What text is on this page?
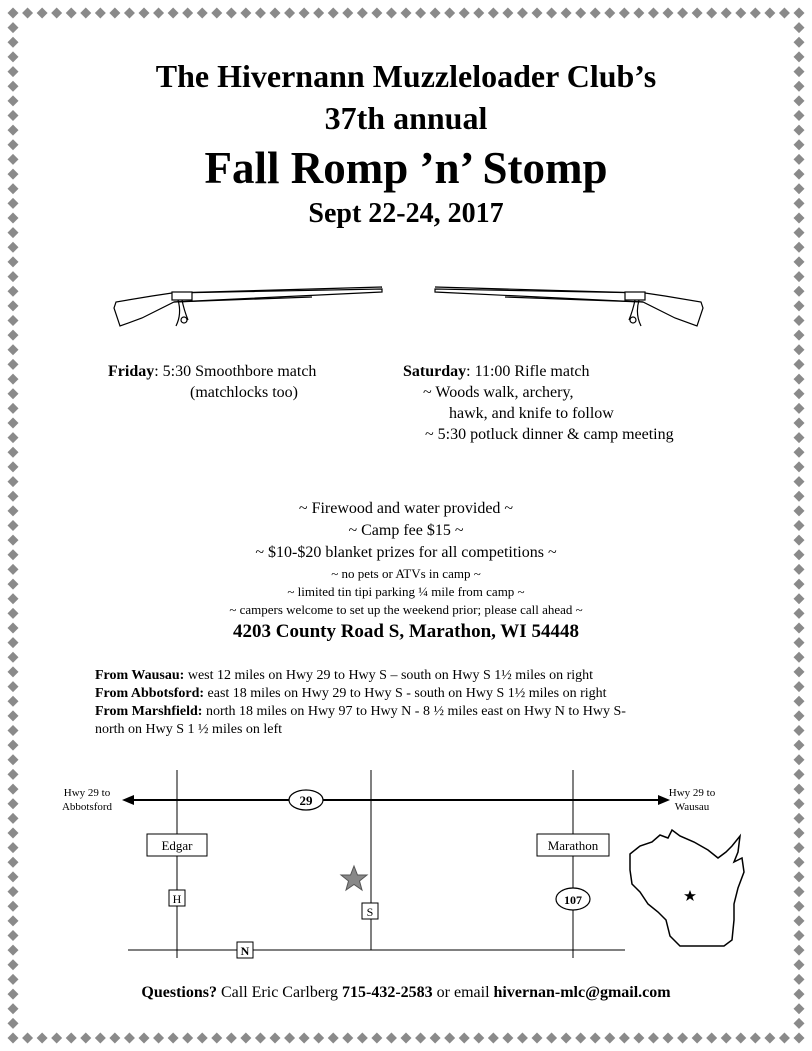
The Hivernann Muzzleloader Club’s
37th annual
Fall Romp ’n’ Stomp
Sept 22-24, 2017
Friday: 5:30 Smoothbore match
(matchlocks too)
Saturday: 11:00 Rifle match
~ Woods walk, archery,
hawk, and knife to follow
~ 5:30 potluck dinner & camp meeting
~ Firewood and water provided ~
~ Camp fee $15 ~
~ $10-$20 blanket prizes for all competitions ~
~ no pets or ATVs in camp ~
~ limited tin tipi parking ¼ mile from camp ~
~ campers welcome to set up the weekend prior; please call ahead ~
4203 County Road S, Marathon, WI 54448
From Wausau: west 12 miles on Hwy 29 to Hwy S – south on Hwy S 1½ miles on right
From Abbotsford: east 18 miles on Hwy 29 to Hwy S - south on Hwy S 1½ miles on right
From Marshfield: north 18 miles on Hwy 97 to Hwy N - 8 ½ miles east on Hwy N to Hwy S-
north on Hwy S 1 ½ miles on left
Hwy 29 to
Abbotsford
Hwy 29 to
Wausau
29
Edgar	Marathon
H
S
N
107
Questions? Call Eric Carlberg 715-432-2583 or email hivernan-mlc@gmail.com
